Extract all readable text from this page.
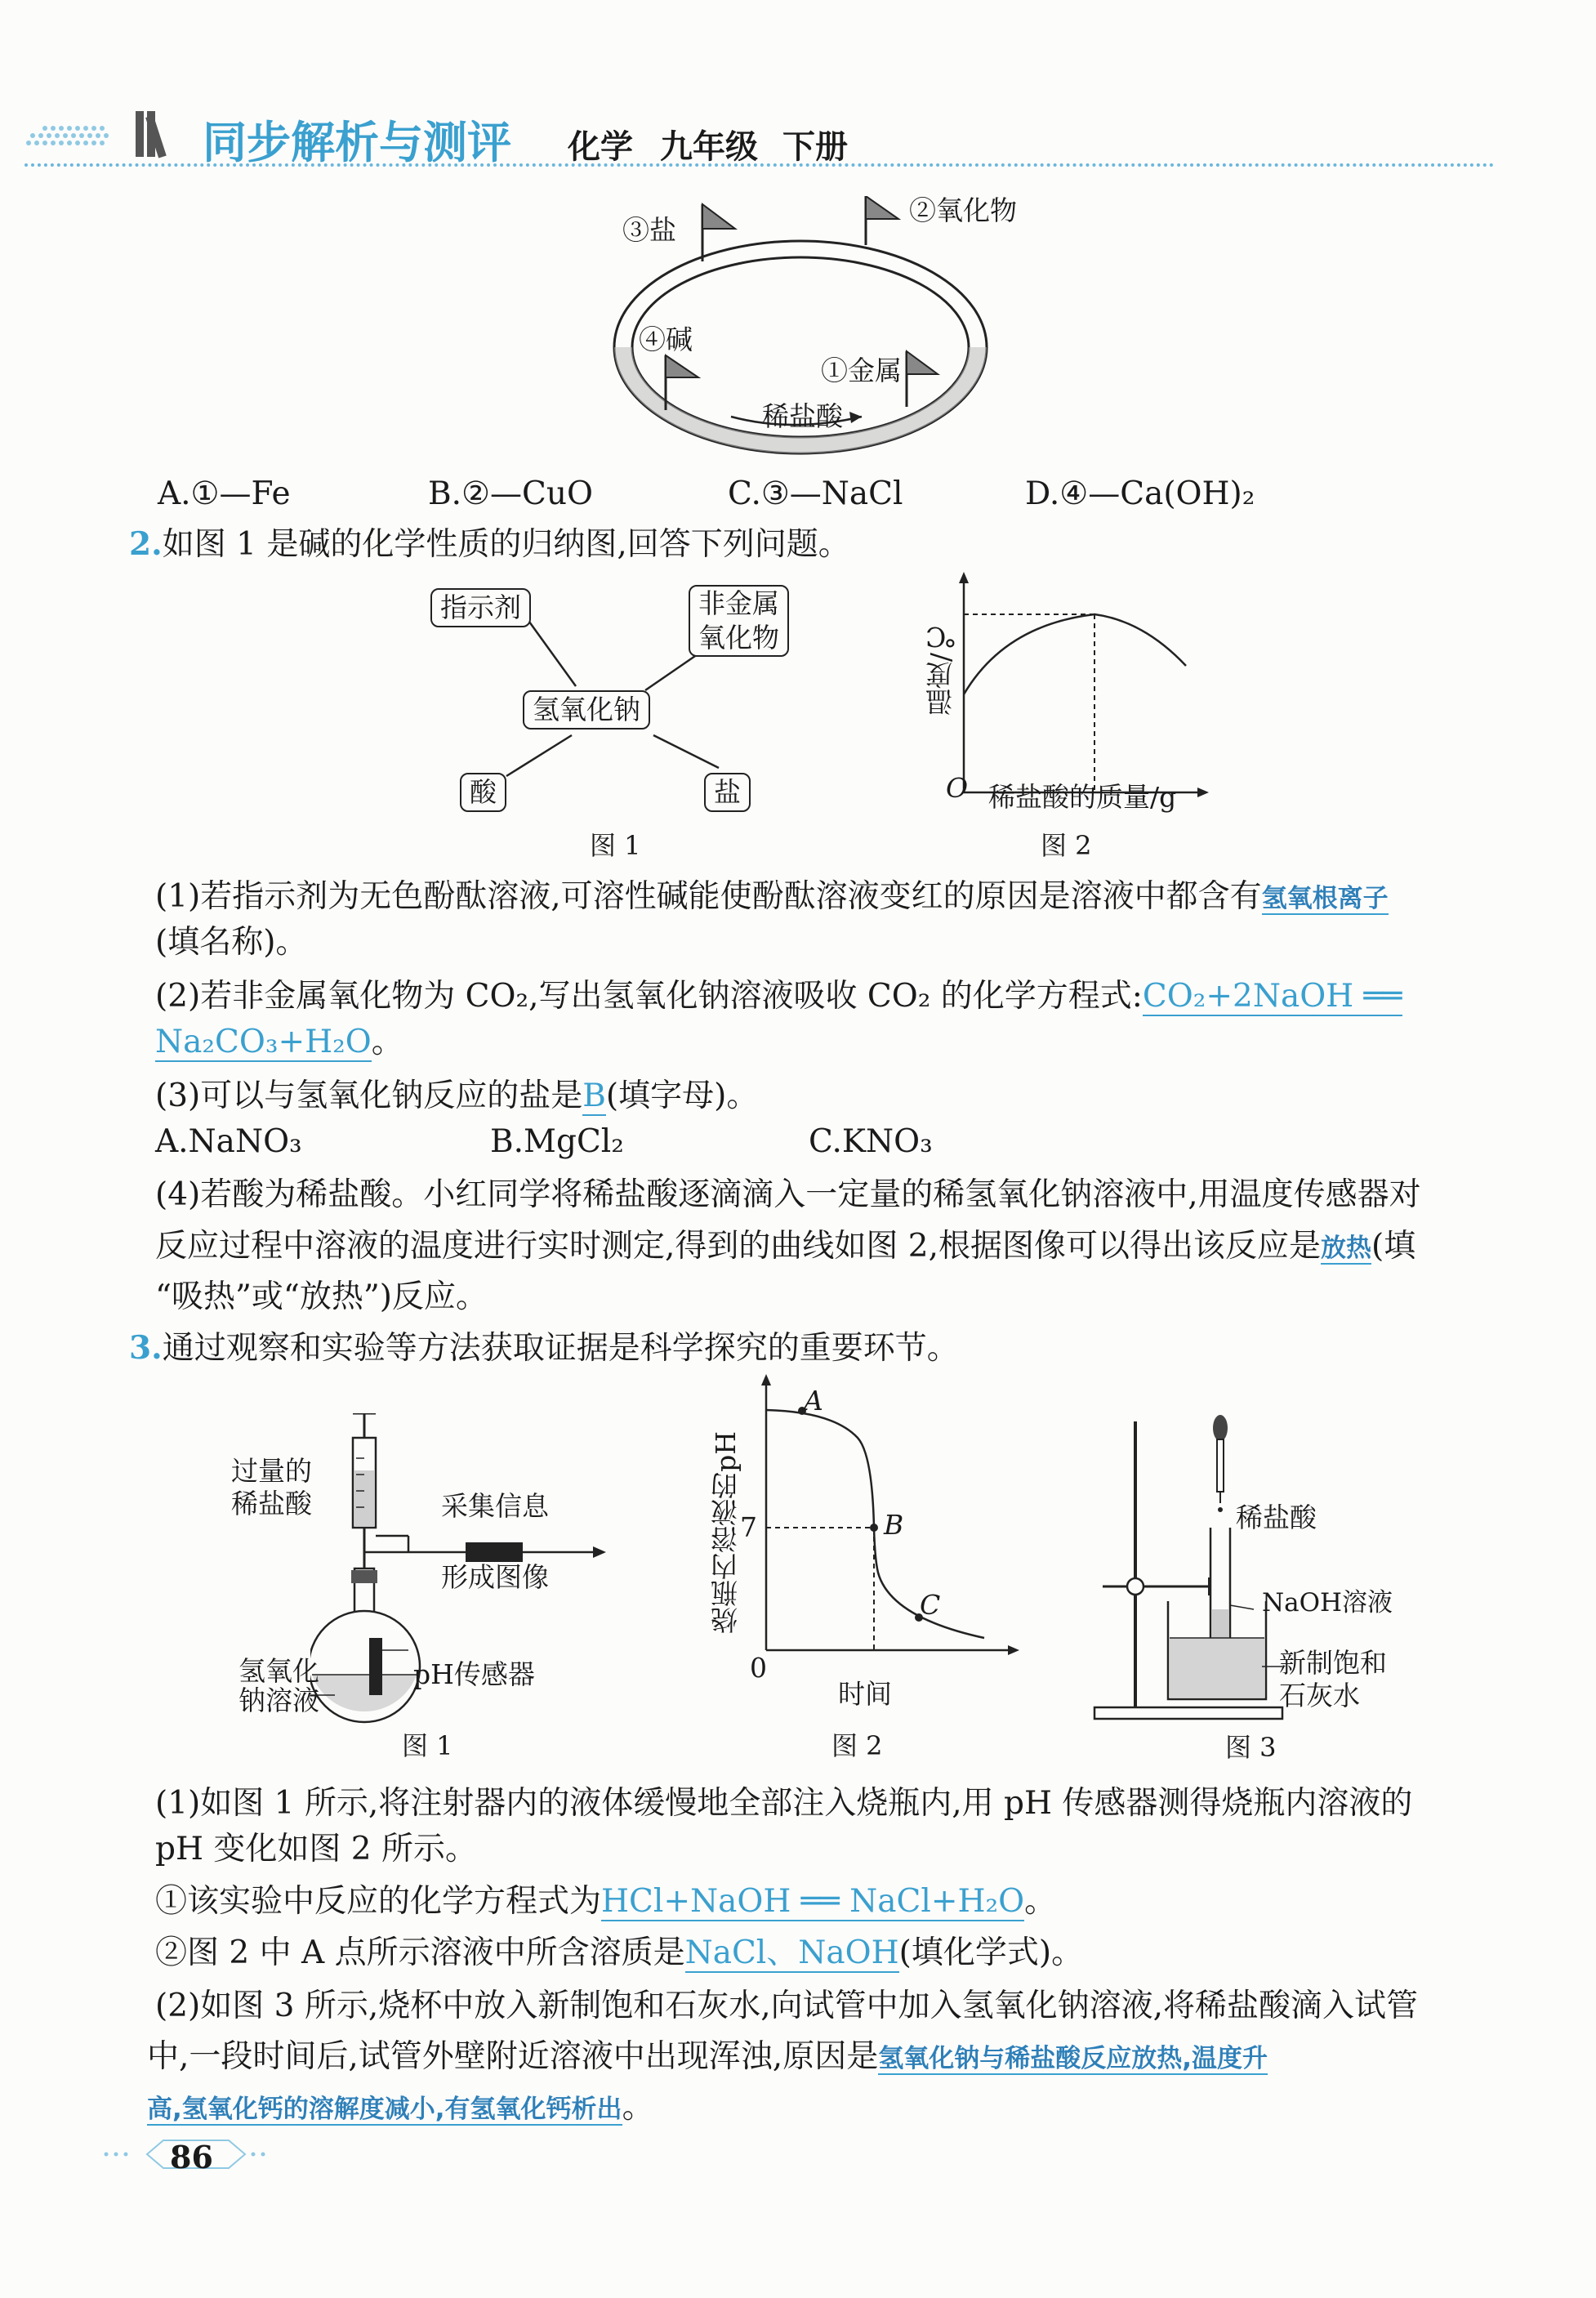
同步解析与测评 化学 九年级 下册
③盐
②氧化物
④碱
①金属
稀盐酸
A.①—Fe	B.②—CuO	C.③—NaCl	D.④—Ca(OH)₂
2.如图 1 是碱的化学性质的归纳图,回答下列问题。
指示剂	非金属
氧化物
氢氧化钠
酸	盐
图 1
温度/℃
O 稀盐酸的质量/g
图 2
(1)若指示剂为无色酚酞溶液,可溶性碱能使酚酞溶液变红的原因是溶液中都含有氢氧根离子
(填名称)。
(2)若非金属氧化物为 CO₂,写出氢氧化钠溶液吸收 CO₂ 的化学方程式:CO₂+2NaOH ══
Na₂CO₃+H₂O。
(3)可以与氢氧化钠反应的盐是B(填字母)。
A.NaNO₃	B.MgCl₂	C.KNO₃
(4)若酸为稀盐酸。小红同学将稀盐酸逐滴滴入一定量的稀氢氧化钠溶液中,用温度传感器对
反应过程中溶液的温度进行实时测定,得到的曲线如图 2,根据图像可以得出该反应是放热(填
“吸热”或“放热”)反应。
3.通过观察和实验等方法获取证据是科学探究的重要环节。
过量的
稀盐酸	采集信息
形成图像
氢氧化
钠溶液
pH传感器
图 1
烧瓶内溶液的pH
7
0
时间
A
B
C
图 2
稀盐酸
NaOH溶液
新制饱和
石灰水
图 3
(1)如图 1 所示,将注射器内的液体缓慢地全部注入烧瓶内,用 pH 传感器测得烧瓶内溶液的
pH 变化如图 2 所示。
①该实验中反应的化学方程式为HCl+NaOH ══ NaCl+H₂O。
②图 2 中 A 点所示溶液中所含溶质是NaCl、NaOH(填化学式)。
(2)如图 3 所示,烧杯中放入新制饱和石灰水,向试管中加入氢氧化钠溶液,将稀盐酸滴入试管
中,一段时间后,试管外壁附近溶液中出现浑浊,原因是氢氧化钠与稀盐酸反应放热,温度升
高,氢氧化钙的溶解度减小,有氢氧化钙析出。
86
